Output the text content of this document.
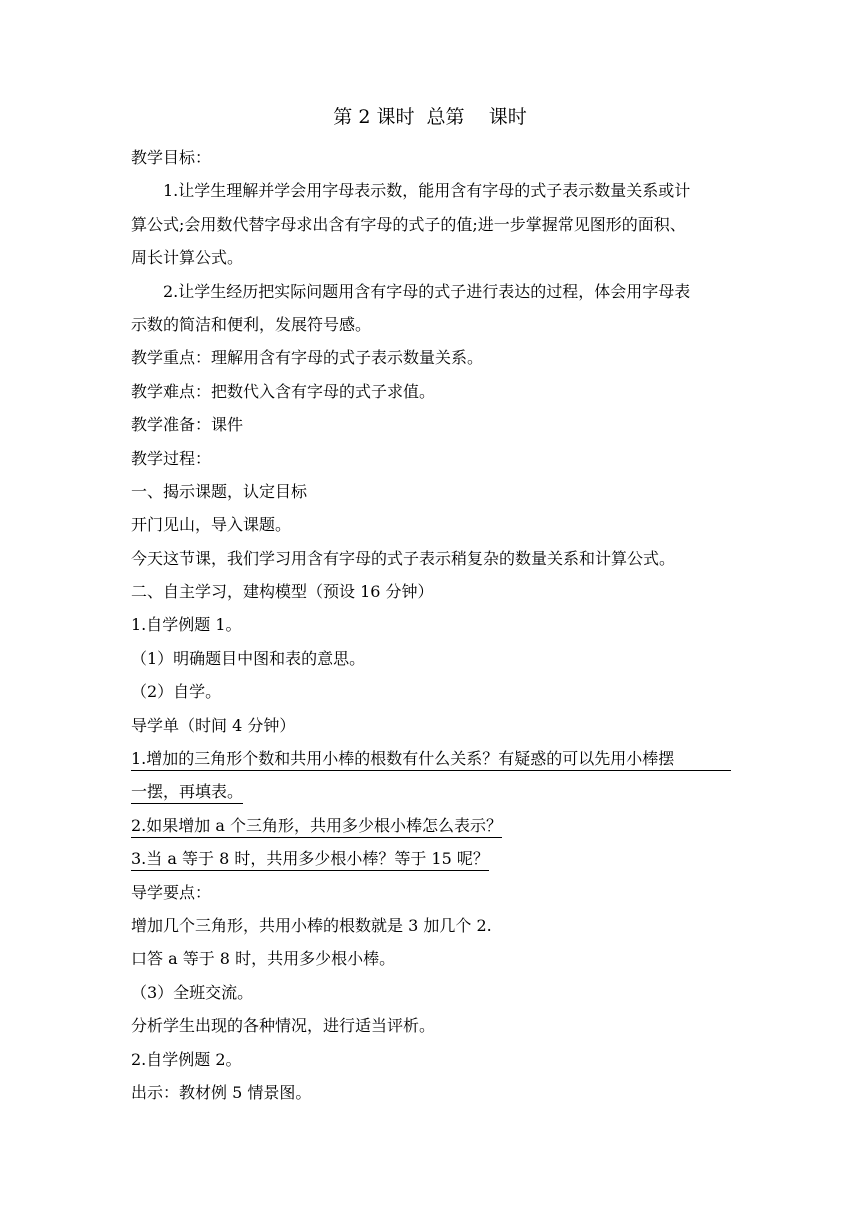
第 2 课时  总第    课时
教学目标：
1.让学生理解并学会用字母表示数，能用含有字母的式子表示数量关系或计
算公式;会用数代替字母求出含有字母的式子的值;进一步掌握常见图形的面积、
周长计算公式。
2.让学生经历把实际问题用含有字母的式子进行表达的过程，体会用字母表
示数的简洁和便利，发展符号感。
教学重点：理解用含有字母的式子表示数量关系。
教学难点：把数代入含有字母的式子求值。
教学准备：课件
教学过程：
一、揭示课题，认定目标
开门见山，导入课题。
今天这节课，我们学习用含有字母的式子表示稍复杂的数量关系和计算公式。
二、自主学习，建构模型（预设 16 分钟）
1.自学例题 1。
（1）明确题目中图和表的意思。
（2）自学。
导学单（时间 4 分钟）
1.增加的三角形个数和共用小棒的根数有什么关系？有疑惑的可以先用小棒摆
一摆，再填表。
2.如果增加 a 个三角形，共用多少根小棒怎么表示？
3.当 a 等于 8 时，共用多少根小棒？等于 15 呢？
导学要点：
增加几个三角形，共用小棒的根数就是 3 加几个 2.
口答 a 等于 8 时，共用多少根小棒。
（3）全班交流。
分析学生出现的各种情况，进行适当评析。
2.自学例题 2。
出示：教材例 5 情景图。
